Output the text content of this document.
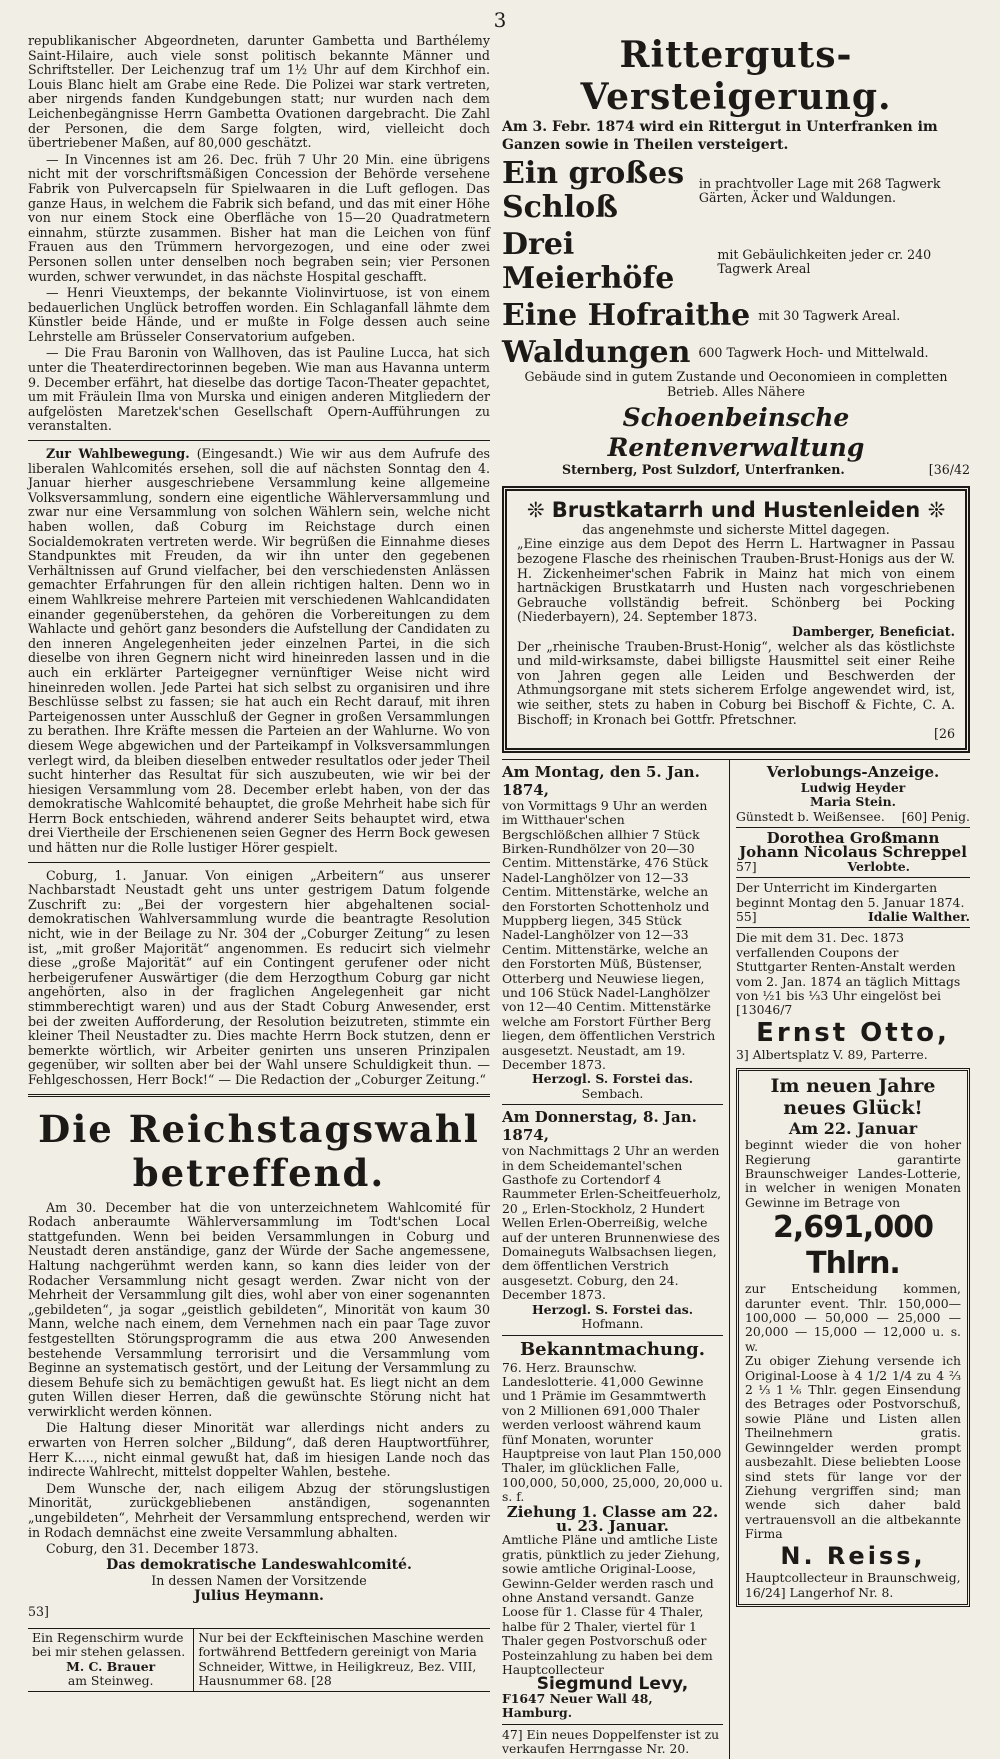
3

republikanischer Abgeordneten, darunter Gambetta und Barthélemy Saint-Hilaire, auch viele sonst politisch bekannte Männer und Schriftsteller. Der Leichenzug traf um 1½ Uhr auf dem Kirchhof ein. Louis Blanc hielt am Grabe eine Rede. Die Polizei war stark vertreten, aber nirgends fanden Kundgebungen statt; nur wurden nach dem Leichenbegängnisse Herrn Gambetta Ovationen dargebracht. Die Zahl der Personen, die dem Sarge folgten, wird, vielleicht doch übertriebener Maßen, auf 80,000 geschätzt.

— In Vincennes ist am 26. Dec. früh 7 Uhr 20 Min. eine übrigens nicht mit der vorschriftsmäßigen Concession der Behörde versehene Fabrik von Pulvercapseln für Spielwaaren in die Luft geflogen. Das ganze Haus, in welchem die Fabrik sich befand, und das mit einer Höhe von nur einem Stock eine Oberfläche von 15—20 Quadratmetern einnahm, stürzte zusammen. Bisher hat man die Leichen von fünf Frauen aus den Trümmern hervorgezogen, und eine oder zwei Personen sollen unter denselben noch begraben sein; vier Personen wurden, schwer verwundet, in das nächste Hospital geschafft.

— Henri Vieuxtemps, der bekannte Violinvirtuose, ist von einem bedauerlichen Unglück betroffen worden. Ein Schlaganfall lähmte dem Künstler beide Hände, und er mußte in Folge dessen auch seine Lehrstelle am Brüsseler Conservatorium aufgeben.

— Die Frau Baronin von Wallhoven, das ist Pauline Lucca, hat sich unter die Theaterdirectorinnen begeben. Wie man aus Havanna unterm 9. December erfährt, hat dieselbe das dortige Tacon-Theater gepachtet, um mit Fräulein Ilma von Murska und einigen anderen Mitgliedern der aufgelösten Maretzek'schen Gesellschaft Opern-Aufführungen zu veranstalten.

Zur Wahlbewegung. (Eingesandt.) Wie wir aus dem Aufrufe des liberalen Wahlcomités ersehen, soll die auf nächsten Sonntag den 4. Januar hierher ausgeschriebene Versammlung keine allgemeine Volksversammlung, sondern eine eigentliche Wählerversammlung und zwar nur eine Versammlung von solchen Wählern sein, welche nicht haben wollen, daß Coburg im Reichstage durch einen Socialdemokraten vertreten werde. Wir begrüßen die Einnahme dieses Standpunktes mit Freuden, da wir ihn unter den gegebenen Verhältnissen auf Grund vielfacher, bei den verschiedensten Anlässen gemachter Erfahrungen für den allein richtigen halten. Denn wo in einem Wahlkreise mehrere Parteien mit verschiedenen Wahlcandidaten einander gegenüberstehen, da gehören die Vorbereitungen zu dem Wahlacte und gehört ganz besonders die Aufstellung der Candidaten zu den inneren Angelegenheiten jeder einzelnen Partei, in die sich dieselbe von ihren Gegnern nicht wird hineinreden lassen und in die auch ein erklärter Parteigegner vernünftiger Weise nicht wird hineinreden wollen. Jede Partei hat sich selbst zu organisiren und ihre Beschlüsse selbst zu fassen; sie hat auch ein Recht darauf, mit ihren Parteigenossen unter Ausschluß der Gegner in großen Versammlungen zu berathen. Ihre Kräfte messen die Parteien an der Wahlurne. Wo von diesem Wege abgewichen und der Parteikampf in Volksversammlungen verlegt wird, da bleiben dieselben entweder resultatlos oder jeder Theil sucht hinterher das Resultat für sich auszubeuten, wie wir bei der hiesigen Versammlung vom 28. December erlebt haben, von der das demokratische Wahlcomité behauptet, die große Mehrheit habe sich für Herrn Bock entschieden, während anderer Seits behauptet wird, etwa drei Viertheile der Erschienenen seien Gegner des Herrn Bock gewesen und hätten nur die Rolle lustiger Hörer gespielt.

Coburg, 1. Januar. Von einigen „Arbeitern“ aus unserer Nachbarstadt Neustadt geht uns unter gestrigem Datum folgende Zuschrift zu: „Bei der vorgestern hier abgehaltenen social-demokratischen Wahlversammlung wurde die beantragte Resolution nicht, wie in der Beilage zu Nr. 304 der „Coburger Zeitung“ zu lesen ist, „mit großer Majorität“ angenommen. Es reducirt sich vielmehr diese „große Majorität“ auf ein Contingent gerufener oder nicht herbeigerufener Auswärtiger (die dem Herzogthum Coburg gar nicht angehörten, also in der fraglichen Angelegenheit gar nicht stimmberechtigt waren) und aus der Stadt Coburg Anwesender, erst bei der zweiten Aufforderung, der Resolution beizutreten, stimmte ein kleiner Theil Neustadter zu. Dies machte Herrn Bock stutzen, denn er bemerkte wörtlich, wir Arbeiter genirten uns unseren Prinzipalen gegenüber, wir sollten aber bei der Wahl unsere Schuldigkeit thun. — Fehlgeschossen, Herr Bock!“ — Die Redaction der „Coburger Zeitung.“

Die Reichstagswahl betreffend.

Am 30. December hat die von unterzeichnetem Wahlcomité für Rodach anberaumte Wählerversammlung im Todt'schen Local stattgefunden. Wenn bei beiden Versammlungen in Coburg und Neustadt deren anständige, ganz der Würde der Sache angemessene, Haltung nachgerühmt werden kann, so kann dies leider von der Rodacher Versammlung nicht gesagt werden. Zwar nicht von der Mehrheit der Versammlung gilt dies, wohl aber von einer sogenannten „gebildeten“, ja sogar „geistlich gebildeten“, Minorität von kaum 30 Mann, welche nach einem, dem Vernehmen nach ein paar Tage zuvor festgestellten Störungsprogramm die aus etwa 200 Anwesenden bestehende Versammlung terrorisirt und die Versammlung vom Beginne an systematisch gestört, und der Leitung der Versammlung zu diesem Behufe sich zu bemächtigen gewußt hat. Es liegt nicht an dem guten Willen dieser Herren, daß die gewünschte Störung nicht hat verwirklicht werden können.

Die Haltung dieser Minorität war allerdings nicht anders zu erwarten von Herren solcher „Bildung“, daß deren Hauptwortführer, Herr K....., nicht einmal gewußt hat, daß im hiesigen Lande noch das indirecte Wahlrecht, mittelst doppelter Wahlen, bestehe.

Dem Wunsche der, nach eiligem Abzug der störungslustigen Minorität, zurückgebliebenen anständigen, sogenannten „ungebildeten“, Mehrheit der Versammlung entsprechend, werden wir in Rodach demnächst eine zweite Versammlung abhalten.

Coburg, den 31. December 1873.

Das demokratische Landeswahlcomité.
In dessen Namen der Vorsitzende
Julius Heymann.
53]
Ein Regenschirm wurde bei mir stehen gelassen.
M. C. Brauer
am Steinweg.
Nur bei der Eckfteinischen Maschine werden fortwährend Bettfedern gereinigt von Maria Schneider, Wittwe, in Heiligkreuz, Bez. VIII, Hausnummer 68. [28
Ritterguts-Versteigerung.
Am 3. Febr. 1874 wird ein Rittergut in Unterfranken im Ganzen sowie in Theilen versteigert.
Ein großes Schloß
in prachtvoller Lage mit 268 Tagwerk Gärten, Äcker und Waldungen.
Drei Meierhöfe
mit Gebäulichkeiten jeder cr. 240 Tagwerk Areal
Eine Hofraithe mit 30 Tagwerk Areal.
Waldungen 600 Tagwerk Hoch- und Mittelwald.
Gebäude sind in gutem Zustande und Oeconomieen in completten Betrieb. Alles Nähere
Schoenbeinsche Rentenverwaltung
Sternberg, Post Sulzdorf, Unterfranken.	[36/42
❊ Brustkatarrh und Hustenleiden ❊
das angenehmste und sicherste Mittel dagegen.
„Eine einzige aus dem Depot des Herrn L. Hartwagner in Passau bezogene Flasche des rheinischen Trauben-Brust-Honigs aus der W. H. Zickenheimer'schen Fabrik in Mainz hat mich von einem hartnäckigen Brustkatarrh und Husten nach vorgeschriebenen Gebrauche vollständig befreit. Schönberg bei Pocking (Niederbayern), 24. September 1873.
Damberger, Beneficiat.
Der „rheinische Trauben-Brust-Honig“, welcher als das köstlichste und mild-wirksamste, dabei billigste Hausmittel seit einer Reihe von Jahren gegen alle Leiden und Beschwerden der Athmungsorgane mit stets sicherem Erfolge angewendet wird, ist, wie seither, stets zu haben in Coburg bei Bischoff & Fichte, C. A. Bischoff; in Kronach bei Gottfr. Pfretschner.
[26
Am Montag, den 5. Jan. 1874,
von Vormittags 9 Uhr an werden im Witthauer'schen Bergschlößchen allhier 7 Stück Birken-Rundhölzer von 20—30 Centim. Mittenstärke, 476 Stück Nadel-Langhölzer von 12—33 Centim. Mittenstärke, welche an den Forstorten Schottenholz und Muppberg liegen, 345 Stück Nadel-Langhölzer von 12—33 Centim. Mittenstärke, welche an den Forstorten Müß, Büstenser, Otterberg und Neuwiese liegen, und 106 Stück Nadel-Langhölzer von 12—40 Centim. Mittenstärke welche am Forstort Fürther Berg liegen, dem öffentlichen Verstrich ausgesetzt. Neustadt, am 19. December 1873.
Herzogl. S. Forstei das.
Sembach.
Am Donnerstag, 8. Jan. 1874,
von Nachmittags 2 Uhr an werden in dem Scheidemantel'schen Gasthofe zu Cortendorf 4 Raummeter Erlen-Scheitfeuerholz, 20 „ Erlen-Stockholz, 2 Hundert Wellen Erlen-Oberreißig, welche auf der unteren Brunnenwiese des Domaineguts Walbsachsen liegen, dem öffentlichen Verstrich ausgesetzt. Coburg, den 24. December 1873.
Herzogl. S. Forstei das.
Hofmann.
Bekanntmachung.
76. Herz. Braunschw. Landeslotterie. 41,000 Gewinne und 1 Prämie im Gesammtwerth von 2 Millionen 691,000 Thaler werden verloost während kaum fünf Monaten, worunter Hauptpreise von laut Plan 150,000 Thaler, im glücklichen Falle, 100,000, 50,000, 25,000, 20,000 u. s. f.
Ziehung 1. Classe am 22. u. 23. Januar.
Amtliche Pläne und amtliche Liste gratis, pünktlich zu jeder Ziehung, sowie amtliche Original-Loose, Gewinn-Gelder werden rasch und ohne Anstand versandt. Ganze Loose für 1. Classe für 4 Thaler, halbe für 2 Thaler, viertel für 1 Thaler gegen Postvorschuß oder Posteinzahlung zu haben bei dem Hauptcollecteur
Siegmund Levy,
F1647 Neuer Wall 48, Hamburg.
47] Ein neues Doppelfenster ist zu verkaufen Herrngasse Nr. 20.
Verlobungs-Anzeige.
Ludwig Heyder
Maria Stein.
Günstedt b. Weißensee. [60] Penig.
Dorothea Großmann
Johann Nicolaus Schreppel
57]	Verlobte.
Der Unterricht im Kindergarten beginnt Montag den 5. Januar 1874.
55]	Idalie Walther.
Die mit dem 31. Dec. 1873 verfallenden Coupons der Stuttgarter Renten-Anstalt werden vom 2. Jan. 1874 an täglich Mittags von ½1 bis ⅓3 Uhr eingelöst bei [13046/7
Ernst Otto,
3] Albertsplatz V. 89, Parterre.
Im neuen Jahre neues Glück!
Am 22. Januar
beginnt wieder die von hoher Regierung garantirte Braunschweiger Landes-Lotterie, in welcher in wenigen Monaten Gewinne im Betrage von
2,691,000 Thlrn.
zur Entscheidung kommen, darunter event. Thlr. 150,000—100,000 — 50,000 — 25,000 — 20,000 — 15,000 — 12,000 u. s. w.
Zu obiger Ziehung versende ich Original-Loose à 4 1/2 1/4 zu 4 ⅔ 2 ⅓ 1 ⅙ Thlr. gegen Einsendung des Betrages oder Postvorschuß, sowie Pläne und Listen allen Theilnehmern gratis. Gewinngelder werden prompt ausbezahlt. Diese beliebten Loose sind stets für lange vor der Ziehung vergriffen sind; man wende sich daher bald vertrauensvoll an die altbekannte Firma
N. Reiss,
Hauptcollecteur in Braunschweig,
16/24] Langerhof Nr. 8.
